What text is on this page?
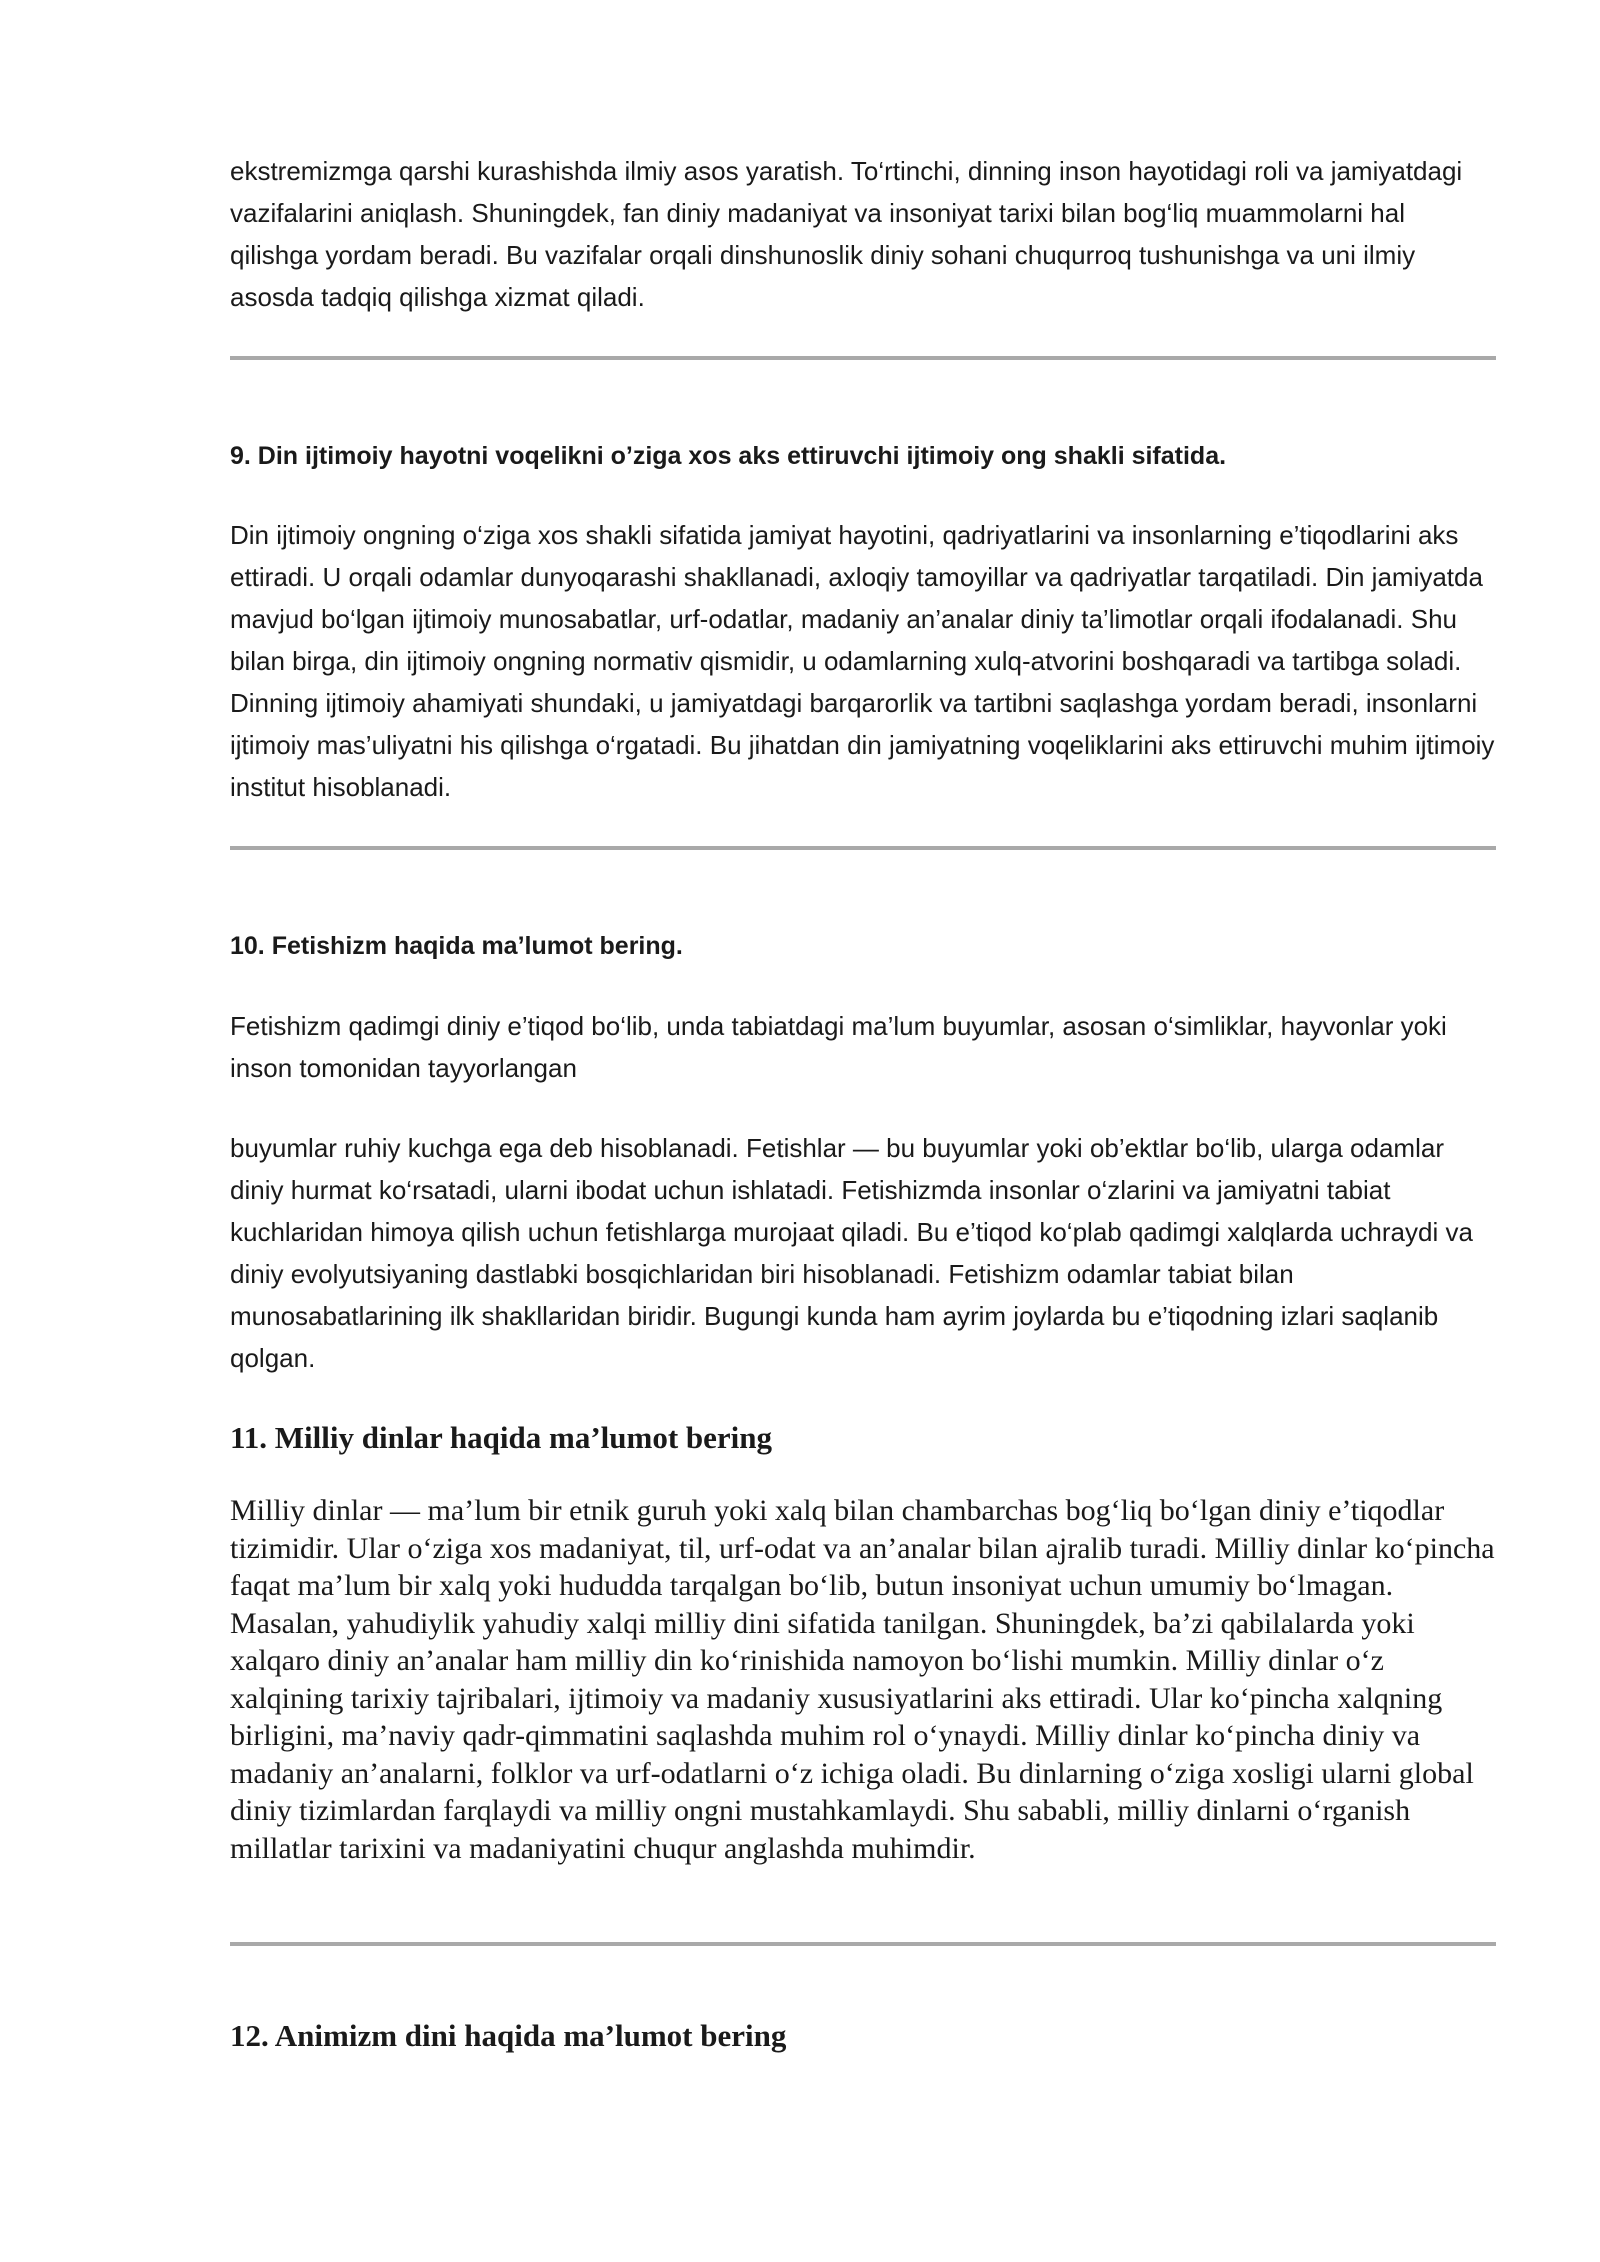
ekstremizmga qarshi kurashishda ilmiy asos yaratish. To‘rtinchi, dinning inson hayotidagi roli va jamiyatdagi vazifalarini aniqlash. Shuningdek, fan diniy madaniyat va insoniyat tarixi bilan bog‘liq muammolarni hal qilishga yordam beradi. Bu vazifalar orqali dinshunoslik diniy sohani chuqurroq tushunishga va uni ilmiy asosda tadqiq qilishga xizmat qiladi.

9. Din ijtimoiy hayotni voqelikni o’ziga xos aks ettiruvchi ijtimoiy ong shakli sifatida.

Din ijtimoiy ongning o‘ziga xos shakli sifatida jamiyat hayotini, qadriyatlarini va insonlarning e’tiqodlarini aks ettiradi. U orqali odamlar dunyoqarashi shakllanadi, axloqiy tamoyillar va qadriyatlar tarqatiladi. Din jamiyatda mavjud bo‘lgan ijtimoiy munosabatlar, urf-odatlar, madaniy an’analar diniy ta’limotlar orqali ifodalanadi. Shu bilan birga, din ijtimoiy ongning normativ qismidir, u odamlarning xulq-atvorini boshqaradi va tartibga soladi. Dinning ijtimoiy ahamiyati shundaki, u jamiyatdagi barqarorlik va tartibni saqlashga yordam beradi, insonlarni ijtimoiy mas’uliyatni his qilishga o‘rgatadi. Bu jihatdan din jamiyatning voqeliklarini aks ettiruvchi muhim ijtimoiy institut hisoblanadi.

10. Fetishizm haqida ma’lumot bering.

Fetishizm qadimgi diniy e’tiqod bo‘lib, unda tabiatdagi ma’lum buyumlar, asosan o‘simliklar, hayvonlar yoki inson tomonidan tayyorlangan

buyumlar ruhiy kuchga ega deb hisoblanadi. Fetishlar — bu buyumlar yoki ob’ektlar bo‘lib, ularga odamlar diniy hurmat ko‘rsatadi, ularni ibodat uchun ishlatadi. Fetishizmda insonlar o‘zlarini va jamiyatni tabiat kuchlaridan himoya qilish uchun fetishlarga murojaat qiladi. Bu e’tiqod ko‘plab qadimgi xalqlarda uchraydi va diniy evolyutsiyaning dastlabki bosqichlaridan biri hisoblanadi. Fetishizm odamlar tabiat bilan munosabatlarining ilk shakllaridan biridir. Bugungi kunda ham ayrim joylarda bu e’tiqodning izlari saqlanib qolgan.

11. Milliy dinlar haqida ma’lumot bering

Milliy dinlar — ma’lum bir etnik guruh yoki xalq bilan chambarchas bog‘liq bo‘lgan diniy e’tiqodlar tizimidir. Ular o‘ziga xos madaniyat, til, urf-odat va an’analar bilan ajralib turadi. Milliy dinlar ko‘pincha faqat ma’lum bir xalq yoki hududda tarqalgan bo‘lib, butun insoniyat uchun umumiy bo‘lmagan. Masalan, yahudiylik yahudiy xalqi milliy dini sifatida tanilgan. Shuningdek, ba’zi qabilalarda yoki xalqaro diniy an’analar ham milliy din ko‘rinishida namoyon bo‘lishi mumkin. Milliy dinlar o‘z xalqining tarixiy tajribalari, ijtimoiy va madaniy xususiyatlarini aks ettiradi. Ular ko‘pincha xalqning birligini, ma’naviy qadr-qimmatini saqlashda muhim rol o‘ynaydi. Milliy dinlar ko‘pincha diniy va madaniy an’analarni, folklor va urf-odatlarni o‘z ichiga oladi. Bu dinlarning o‘ziga xosligi ularni global diniy tizimlardan farqlaydi va milliy ongni mustahkamlaydi. Shu sababli, milliy dinlarni o‘rganish millatlar tarixini va madaniyatini chuqur anglashda muhimdir.

12. Animizm dini haqida ma’lumot bering
